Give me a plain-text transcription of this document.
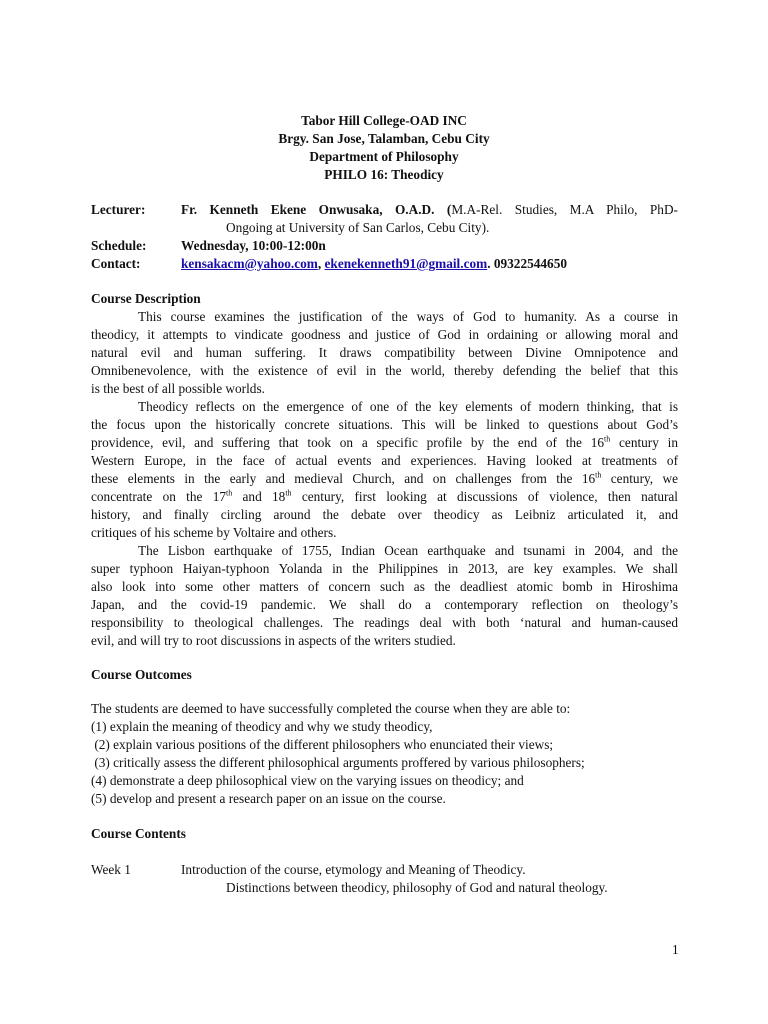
Tabor Hill College-OAD INC
Brgy. San Jose, Talamban, Cebu City
Department of Philosophy
PHILO 16: Theodicy
Lecturer:	Fr. Kenneth Ekene Onwusaka, O.A.D. (M.A-Rel. Studies, M.A Philo, PhD-
Ongoing at University of San Carlos, Cebu City).
Schedule:	Wednesday, 10:00-12:00n
Contact:	kensakacm@yahoo.com, ekenekenneth91@gmail.com. 09322544650
Course Description
This course examines the justification of the ways of God to humanity. As a course in
theodicy, it attempts to vindicate goodness and justice of God in ordaining or allowing moral and
natural evil and human suffering. It draws compatibility between Divine Omnipotence and
Omnibenevolence, with the existence of evil in the world, thereby defending the belief that this
is the best of all possible worlds.
Theodicy reflects on the emergence of one of the key elements of modern thinking, that is
the focus upon the historically concrete situations. This will be linked to questions about God’s
providence, evil, and suffering that took on a specific profile by the end of the 16th century in
Western Europe, in the face of actual events and experiences. Having looked at treatments of
these elements in the early and medieval Church, and on challenges from the 16th century, we
concentrate on the 17th and 18th century, first looking at discussions of violence, then natural
history, and finally circling around the debate over theodicy as Leibniz articulated it, and
critiques of his scheme by Voltaire and others.
The Lisbon earthquake of 1755, Indian Ocean earthquake and tsunami in 2004, and the
super typhoon Haiyan-typhoon Yolanda in the Philippines in 2013, are key examples. We shall
also look into some other matters of concern such as the deadliest atomic bomb in Hiroshima
Japan, and the covid-19 pandemic. We shall do a contemporary reflection on theology’s
responsibility to theological challenges. The readings deal with both ‘natural and human-caused
evil, and will try to root discussions in aspects of the writers studied.
Course Outcomes
The students are deemed to have successfully completed the course when they are able to:
(1) explain the meaning of theodicy and why we study theodicy,
(2) explain various positions of the different philosophers who enunciated their views;
(3) critically assess the different philosophical arguments proffered by various philosophers;
(4) demonstrate a deep philosophical view on the varying issues on theodicy; and
(5) develop and present a research paper on an issue on the course.
Course Contents
Week 1	Introduction of the course, etymology and Meaning of Theodicy.
Distinctions between theodicy, philosophy of God and natural theology.
1
